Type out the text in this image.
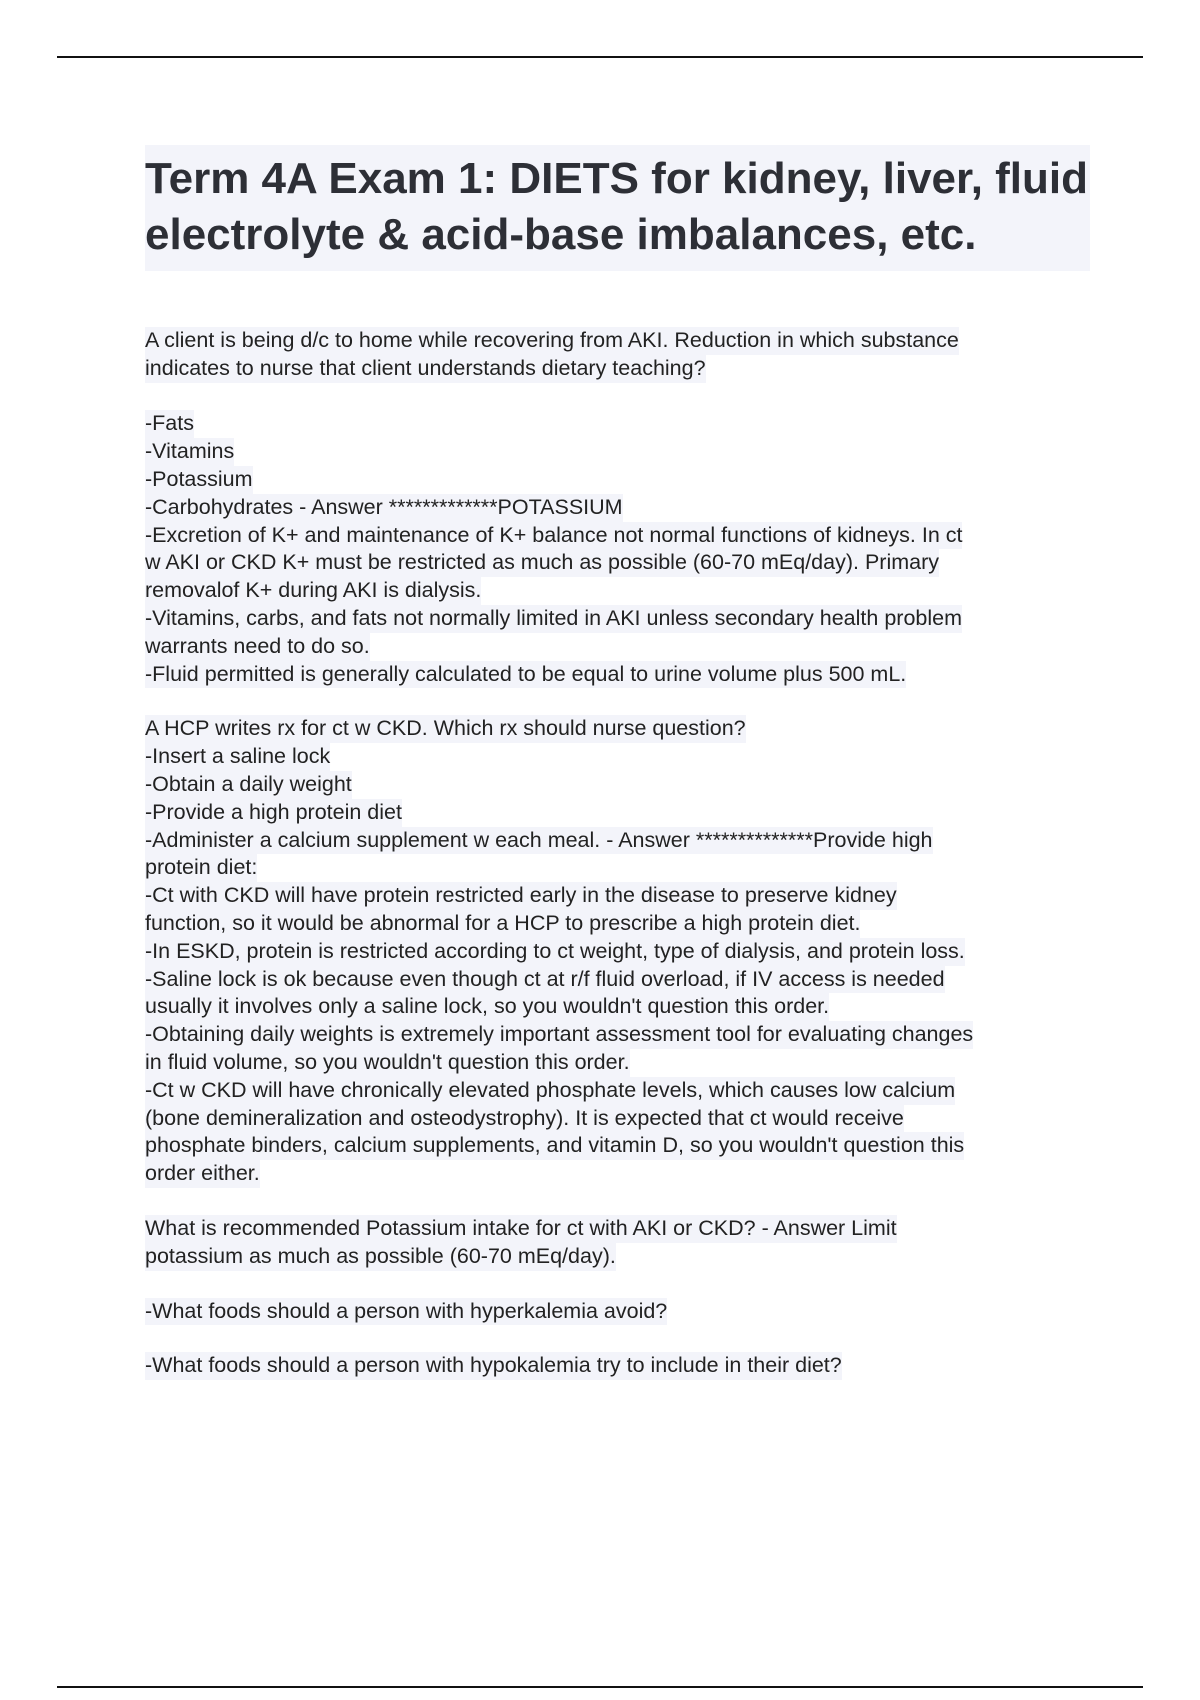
Term 4A Exam 1: DIETS for kidney, liver, fluid electrolyte & acid-base imbalances, etc.
A client is being d/c to home while recovering from AKI. Reduction in which substance
indicates to nurse that client understands dietary teaching?
-Fats
-Vitamins
-Potassium
-Carbohydrates - Answer *************POTASSIUM
-Excretion of K+ and maintenance of K+ balance not normal functions of kidneys. In ct
w AKI or CKD K+ must be restricted as much as possible (60-70 mEq/day). Primary
removalof K+ during AKI is dialysis.
-Vitamins, carbs, and fats not normally limited in AKI unless secondary health problem
warrants need to do so.
-Fluid permitted is generally calculated to be equal to urine volume plus 500 mL.
A HCP writes rx for ct w CKD. Which rx should nurse question?
-Insert a saline lock
-Obtain a daily weight
-Provide a high protein diet
-Administer a calcium supplement w each meal. - Answer **************Provide high
protein diet:
-Ct with CKD will have protein restricted early in the disease to preserve kidney
function, so it would be abnormal for a HCP to prescribe a high protein diet.
-In ESKD, protein is restricted according to ct weight, type of dialysis, and protein loss.
-Saline lock is ok because even though ct at r/f fluid overload, if IV access is needed
usually it involves only a saline lock, so you wouldn't question this order.
-Obtaining daily weights is extremely important assessment tool for evaluating changes
in fluid volume, so you wouldn't question this order.
-Ct w CKD will have chronically elevated phosphate levels, which causes low calcium
(bone demineralization and osteodystrophy). It is expected that ct would receive
phosphate binders, calcium supplements, and vitamin D, so you wouldn't question this
order either.
What is recommended Potassium intake for ct with AKI or CKD? - Answer Limit
potassium as much as possible (60-70 mEq/day).
-What foods should a person with hyperkalemia avoid?
-What foods should a person with hypokalemia try to include in their diet?
